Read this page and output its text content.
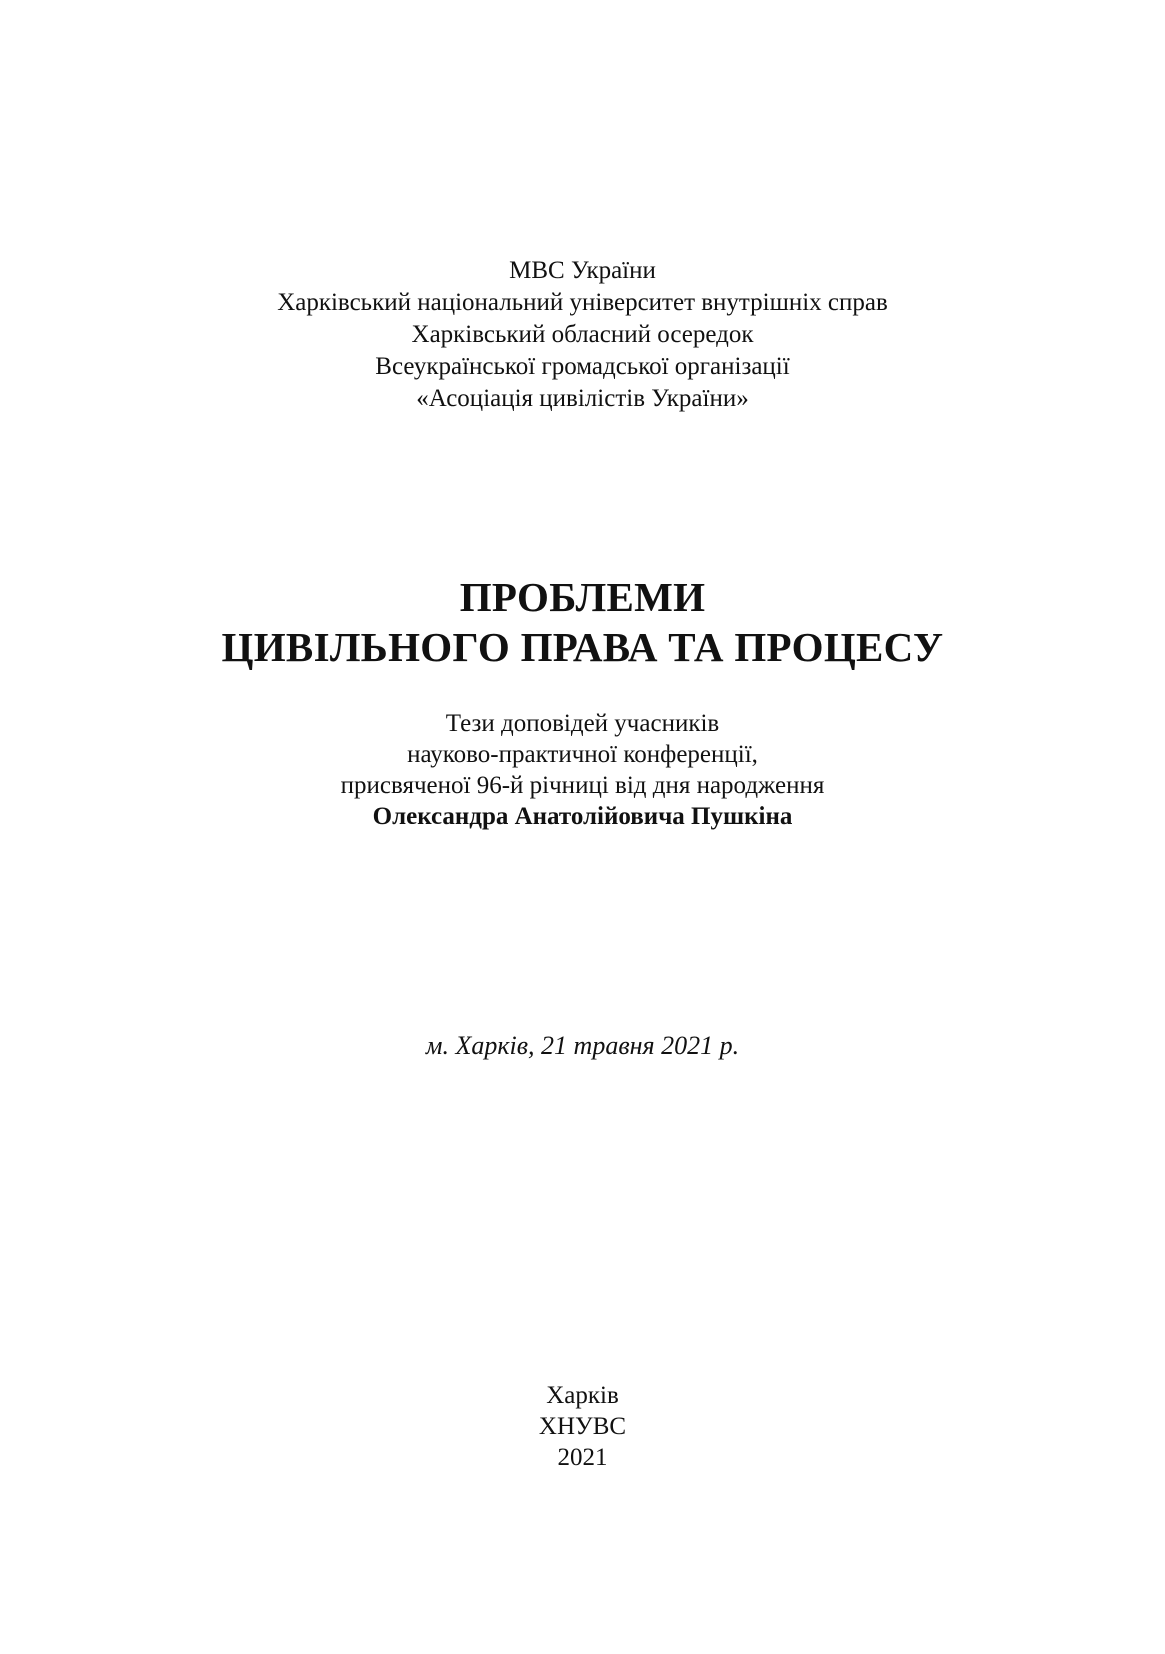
МВС України
Харківський національний університет внутрішніх справ
Харківський обласний осередок
Всеукраїнської громадської організації
«Асоціація цивілістів України»
ПРОБЛЕМИ
ЦИВІЛЬНОГО ПРАВА ТА ПРОЦЕСУ
Тези доповідей учасників
науково-практичної конференції,
присвяченої 96-й річниці від дня народження
Олександра Анатолійовича Пушкіна
м. Харків, 21 травня 2021 р.
Харків
ХНУВС
2021
